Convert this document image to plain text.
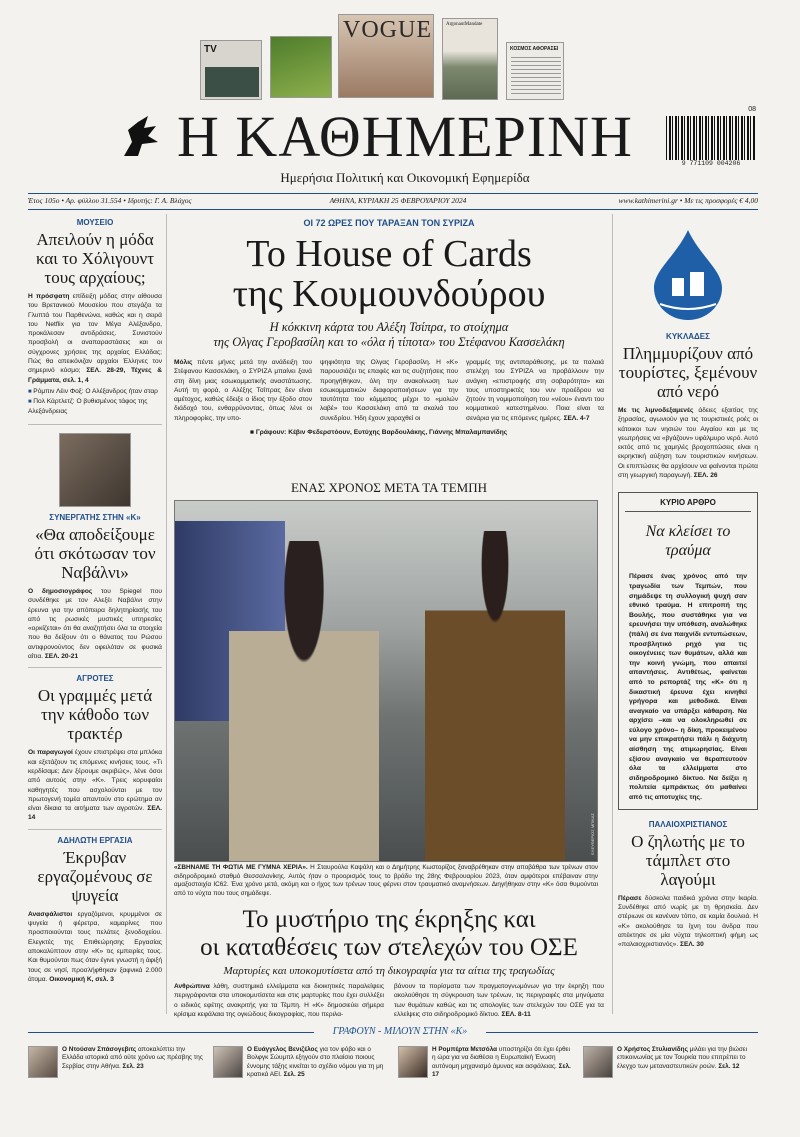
TV
VOGUE	ArgonautMandate
ΚΟΣΜΟΣ ΑΦΟΡΑΣΕΙ
Η ΚΑΘΗΜΕΡΙΝΗ
Ημερήσια Πολιτική και Οικονομική Εφημερίδα
9 771109 004206
08
Έτος 105ο • Αρ. φύλλου 31.554 • Ιδρυτής: Γ. Α. Βλάχος	ΑΘΗΝΑ, ΚΥΡΙΑΚΗ 25 ΦΕΒΡΟΥΑΡΙΟΥ 2024	www.kathimerini.gr • Με τις προσφορές € 4,00
ΜΟΥΣΕΙΟ
Απειλούν η μόδα και το Χόλιγουντ τους αρχαίους;

Η πρόσφατη επίδειξη μόδας στην αίθουσα του Βρετανικού Μουσείου που στεγάζει τα Γλυπτά του Παρθενώνα, καθώς και η σειρά του Netflix για τον Μέγα Αλέξανδρο, προκάλεσαν αντιδράσεις. Συνιστούν προσβολή οι αναπαραστάσεις και οι σύγχρονες χρήσεις της αρχαίας Ελλάδας; Πώς θα απεικόνιζαν αρχαίοι Έλληνες τον σημερινό κόσμο; ΣΕΛ. 28-29, Τέχνες & Γράμματα, σελ. 1, 4

■ Ρόμπιν Λέιν Φοξ: Ο Αλέξανδρος ήταν σταρ
■ Πολ Κάρτλετζ: Ο βυθισμένος τάφος της Αλεξάνδρειας
ΣΥΝΕΡΓΑΤΗΣ ΣΤΗΝ «Κ»
«Θα αποδείξουμε ότι σκότωσαν τον Ναβάλνι»

Ο δημοσιογράφος του Spiegel που συνδέθηκε με τον Αλεξέι Ναβάλνι στην έρευνα για την απόπειρα δηλητηρίασής του από τις ρωσικές μυστικές υπηρεσίες «ορκίζεται» ότι θα αναζητήσει όλα τα στοιχεία που θα δείξουν ότι ο θάνατος του Ρώσου αντιφρονούντος δεν οφειλόταν σε φυσικά αίτια. ΣΕΛ. 20-21

ΑΓΡΟΤΕΣ
Οι γραμμές μετά την κάθοδο των τρακτέρ

Οι παραγωγοί έχουν επιστρέψει στα μπλόκα και εξετάζουν τις επόμενες κινήσεις τους. «Τι κερδίσαμε; Δεν ξέρουμε ακριβώς», λένε όσοι από αυτούς στην «Κ». Τρεις κορυφαίοι καθηγητές που ασχολούνται με τον πρωτογενή τομέα απαντούν στο ερώτημα αν είναι δίκαια τα αιτήματα των αγροτών. ΣΕΛ. 14

ΑΔΗΛΩΤΗ ΕΡΓΑΣΙΑ
Έκρυβαν εργαζομένους σε ψυγεία

Ανασφάλιστοι εργαζόμενοι, κρυμμένοι σε ψυγεία ή φέρετρα, καμαρίνες που προσποιούνται τους πελάτες ξενοδοχείου. Ελεγκτές της Επιθεώρησης Εργασίας αποκαλύπτουν στην «Κ» τις εμπειρίες τους. Και θυμούνται πως όταν έγινε γνωστή η άφιξή τους σε νησί, προσλήφθηκαν ξαφνικά 2.000 άτομα. Οικονομική Κ, σελ. 3

ΟΙ 72 ΩΡΕΣ ΠΟΥ ΤΑΡΑΞΑΝ ΤΟΝ ΣΥΡΙΖΑ
Το House of Cards
της Κουμουνδούρου
Η κόκκινη κάρτα του Αλέξη Τσίπρα, το στοίχημα
της Ολγας Γεροβασίλη και το «όλα ή τίποτα» του Στέφανου Κασσελάκη

Μόλις πέντε μήνες μετά την ανάδειξη του Στέφανου Κασσελάκη, ο ΣΥΡΙΖΑ μπαίνει ξανά στη δίνη μιας εσωκομματικής αναστάτωσης. Αυτή τη φορά, ο Αλέξης Τσίπρας δεν είναι αμέτοχος, καθώς έδειξε ο ίδιος την έξοδο στον διάδοχό του, ενθαρρύνοντας, όπως λένε οι πληροφορίες, την υπο-

ψηφιότητα της Ολγας Γεροβασίλη. Η «Κ» παρουσιάζει τις επαφές και τις συζητήσεις που προηγήθηκαν, όλη την ανακοίνωση των εσωκομματικών διαφοροποιήσεων για την ταυτότητα του κόμματος μέχρι το «μολών λαβέ» του Κασσελάκη από τα σκαλιά του συνεδρίου. Ήδη έχουν χαραχθεί οι

γραμμές της αντιπαράθεσης, με τα παλαιά στελέχη του ΣΥΡΙΖΑ να προβάλλουν την ανάγκη «επιστροφής στη σοβαρότητα» και τους υποστηρικτές του νυν προέδρου να ζητούν τη νομιμοποίηση του «νέου» έναντι του κομματικού κατεστημένου. Ποια είναι τα σενάρια για τις επόμενες ημέρες. ΣΕΛ. 4-7

■ Γράφουν: Κέβιν Φεδερστόουν, Ευτύχης Βαρδουλάκης, Γιάννης Μπαλαμπανίδης
ΕΝΑΣ ΧΡΟΝΟΣ ΜΕΤΑ ΤΑ ΤΕΜΠΗ
ΕΛΕΥΘΕΡΙΟΣ ΜΠΙΚΑΣ

«ΣΒΗΝΑΜΕ ΤΗ ΦΩΤΙΑ ΜΕ ΓΥΜΝΑ ΧΕΡΙΑ». Η Σταυρούλα Καψάλη και ο Δημήτρης Κωστορίζος ξαναβρέθηκαν στην αποβάθρα των τρένων στον σιδηροδρομικό σταθμό Θεσσαλονίκης. Αυτός ήταν ο προορισμός τους το βράδυ της 28ης Φεβρουαρίου 2023, όταν αμφότεροι επέβαιναν στην αμαξοστοιχία IC62. Ένα χρόνο μετά, ακόμη και ο ήχος των τρένων τους φέρνει στον τραυματικό αναμνήσεων. Διηγήθηκαν στην «Κ» όσα θυμούνται από το νύχτα που τους σημάδεψε.

Το μυστήριο της έκρηξης και
οι καταθέσεις των στελεχών του ΟΣΕ
Μαρτυρίες και υποκομυτίσετα από τη δικογραφία για τα αίτια της τραγωδίας

Ανθρώπινα λάθη, συστημικά ελλείμματα και διοικητικές παραλείψεις περιγράφονται στα υποκομυτίσετα και στις μαρτυρίες που έχει συλλέξει ο ειδικός εφέτης ανακριτής για τα Τέμπη. Η «Κ» δημοσιεύει σήμερα κρίσιμα κεφάλαια της ογκώδους δικογραφίας, που περιλα-

βάνουν τα πορίσματα των πραγματογνωμόνων για την έκρηξη που ακολούθησε τη σύγκρουση των τρένων, τις περιγραφές στα μηνύματα των θυμάτων καθώς και τις απολογίες των στελεχών του ΟΣΕ για τα ελλείψεις στο σιδηροδρομικό δίκτυο. ΣΕΛ. 8-11

ΚΥΚΛΑΔΕΣ
Πλημμυρίζουν από τουρίστες, ξεμένουν από νερό

Με τις λιμνοδεξαμενές άδειες εξαιτίας της ξηρασίας, αγωνιούν για τις τουριστικές ροές οι κάτοικοι των νησιών του Αιγαίου και με τις γεωτρήσεις να «βγάζουν» υφάλμυρο νερό. Αυτό εκτός από τις χαμηλές βροχοπτώσεις είναι η εκρηκτική αύξηση των τουριστικών κινήσεων. Οι επιπτώσεις θα αρχίσουν να φαίνονται πρώτα στη γεωργική παραγωγή. ΣΕΛ. 26

ΚΥΡΙΟ ΑΡΘΡΟ
Να κλείσει το τραύμα

Πέρασε ένας χρόνος από την τραγωδία των Τεμπών, που σημάδεψε τη συλλογική ψυχή σαν εθνικό τραύμα. Η επιτροπή της Βουλής, που συστάθηκε για να ερευνήσει την υπόθεση, αναλώθηκε (πάλι) σε ένα παιχνίδι εντυπώσεων, προσβλητικό ρηχό για τις οικογένειες των θυμάτων, αλλά και την κοινή γνώμη, που απαιτεί απαντήσεις. Αντιθέτως, φαίνεται από το ρεπορτάζ της «Κ» ότι η δικαστική έρευνα έχει κινηθεί γρήγορα και μεθοδικά. Είναι αναγκαίο να υπάρξει κάθαρση. Να αρχίσει –και να ολοκληρωθεί σε εύλογο χρόνο– η δίκη, προκειμένου να μην επικρατήσει πάλι η διάχυτη αίσθηση της ατιμωρησίας. Είναι εξίσου αναγκαίο να θεραπευτούν όλα τα ελλείμματα στο σιδηροδρομικό δίκτυο. Να δείξει η πολιτεία εμπράκτως ότι μαθαίνει από τις αποτυχίες της.

ΠΑΛΑΙΟΧΡΙΣΤΙΑΝΟΣ
Ο ζηλωτής με το τάμπλετ στο λαγούμι

Πέρασε δύσκολα παιδικά χρόνια στην Ικαρία. Συνδέθηκε από νωρίς με τη θρησκεία. Δεν στέριωνε σε κανέναν τόπο, σε καμία δουλειά. Η «Κ» ακολούθησε τα ίχνη του άνδρα που απέκτησε σε μία νύχτα τηλεοπτική φήμη ως «παλαιοχριστιανός». ΣΕΛ. 30

ΓΡΑΦΟΥΝ - ΜΙΛΟΥΝ ΣΤΗΝ «Κ»

Ο Ντούσαν Σπάσογεβιτς αποκαλύπτει την Ελλάδα ιστορικά από ούτε χρόνο ως πρέσβης της Σερβίας στην Αθήνα. Σελ. 23

Ο Ευάγγελος Βενιζέλος για τον φόβο και ο Βολφγκ Σώυμπλ εξηγούν στο πλαίσιο ποιους έννομης τάξης κινείται το σχέδιο νόμου για τη μη κρατικά ΑΕΙ. Σελ. 25

Η Ρομπέρτα Μετσόλα υποστηρίζει ότι έχει έρθει η ώρα για να διαθέσει η Ευρωπαϊκή Ένωση αυτόνομη μηχανισμό άμυνας και ασφάλειας. Σελ. 17

Ο Χρήστος Στυλιανίδης μιλάει για την βιώσει επικοινωνίας με τον Τουρκία που επιτρέπει το έλεγχο των μεταναστευτικών ροών. Σελ. 12
